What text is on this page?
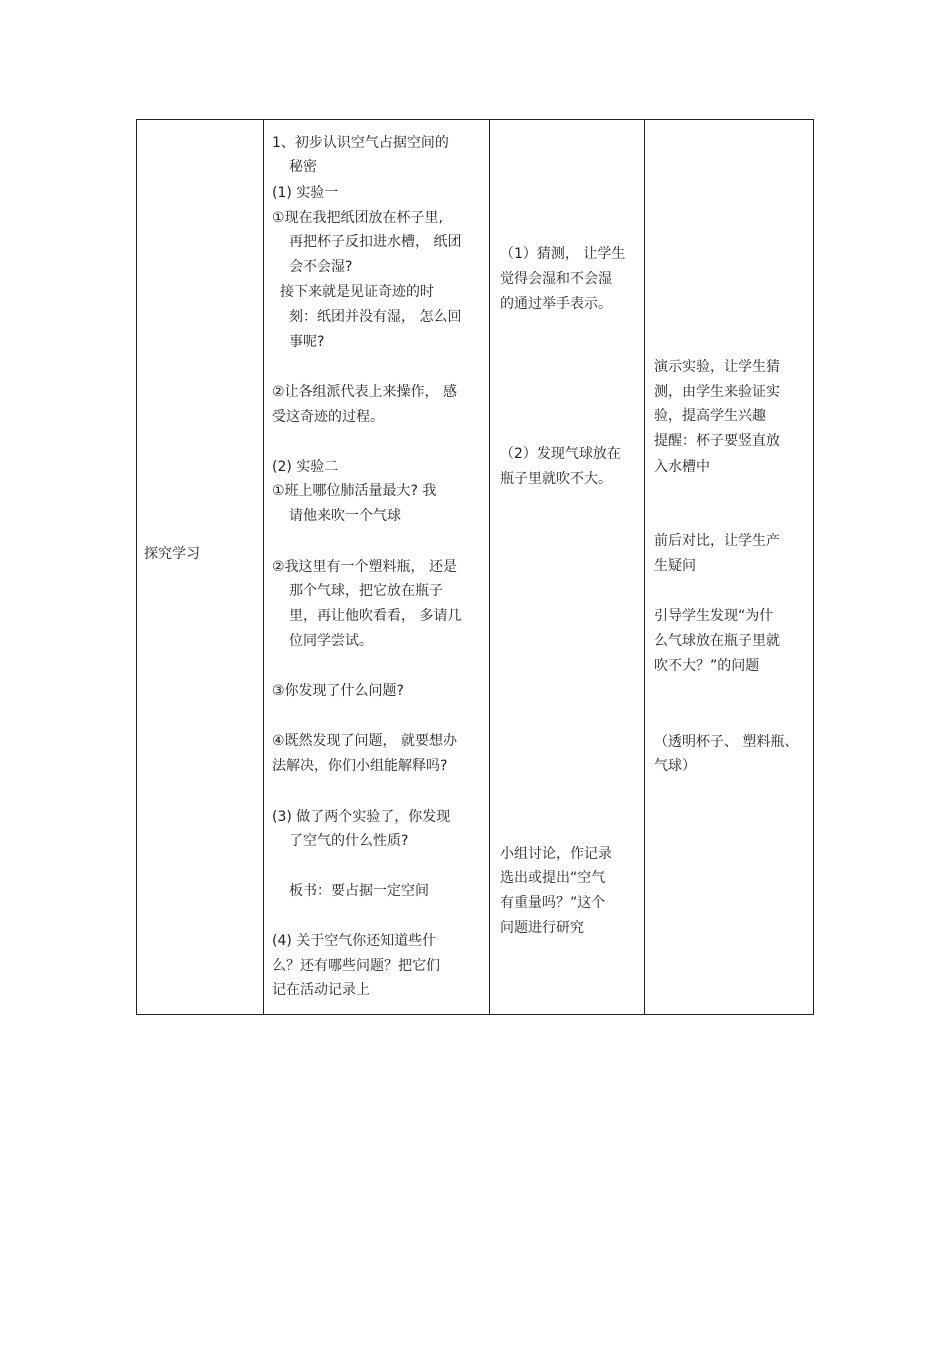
探究学习

1、初步认识空气占据空间的

秘密

(1) 实验一

①现在我把纸团放在杯子里,

再把杯子反扣进水槽， 纸团

会不会湿?

接下来就是见证奇迹的时

刻：纸团并没有湿， 怎么回

事呢?

②让各组派代表上来操作， 感

受这奇迹的过程。

(2) 实验二

①班上哪位肺活量最大? 我

请他来吹一个气球

②我这里有一个塑料瓶， 还是

那个气球，把它放在瓶子

里，再让他吹看看， 多请几

位同学尝试。

③你发现了什么问题?

④既然发现了问题， 就要想办

法解决，你们小组能解释吗?

(3) 做了两个实验了，你发现

了空气的什么性质?

板书：要占据一定空间

(4) 关于空气你还知道些什

么？还有哪些问题？把它们

记在活动记录上

（1）猜测， 让学生

觉得会湿和不会湿

的通过举手表示。

（2）发现气球放在

瓶子里就吹不大。

小组讨论，作记录

选出或提出“空气

有重量吗？”这个

问题进行研究

演示实验，让学生猜

测，由学生来验证实

验，提高学生兴趣

提醒：杯子要竖直放

入水槽中

前后对比，让学生产

生疑问

引导学生发现“为什

么气球放在瓶子里就

吹不大？”的问题

（透明杯子、 塑料瓶、

气球）
